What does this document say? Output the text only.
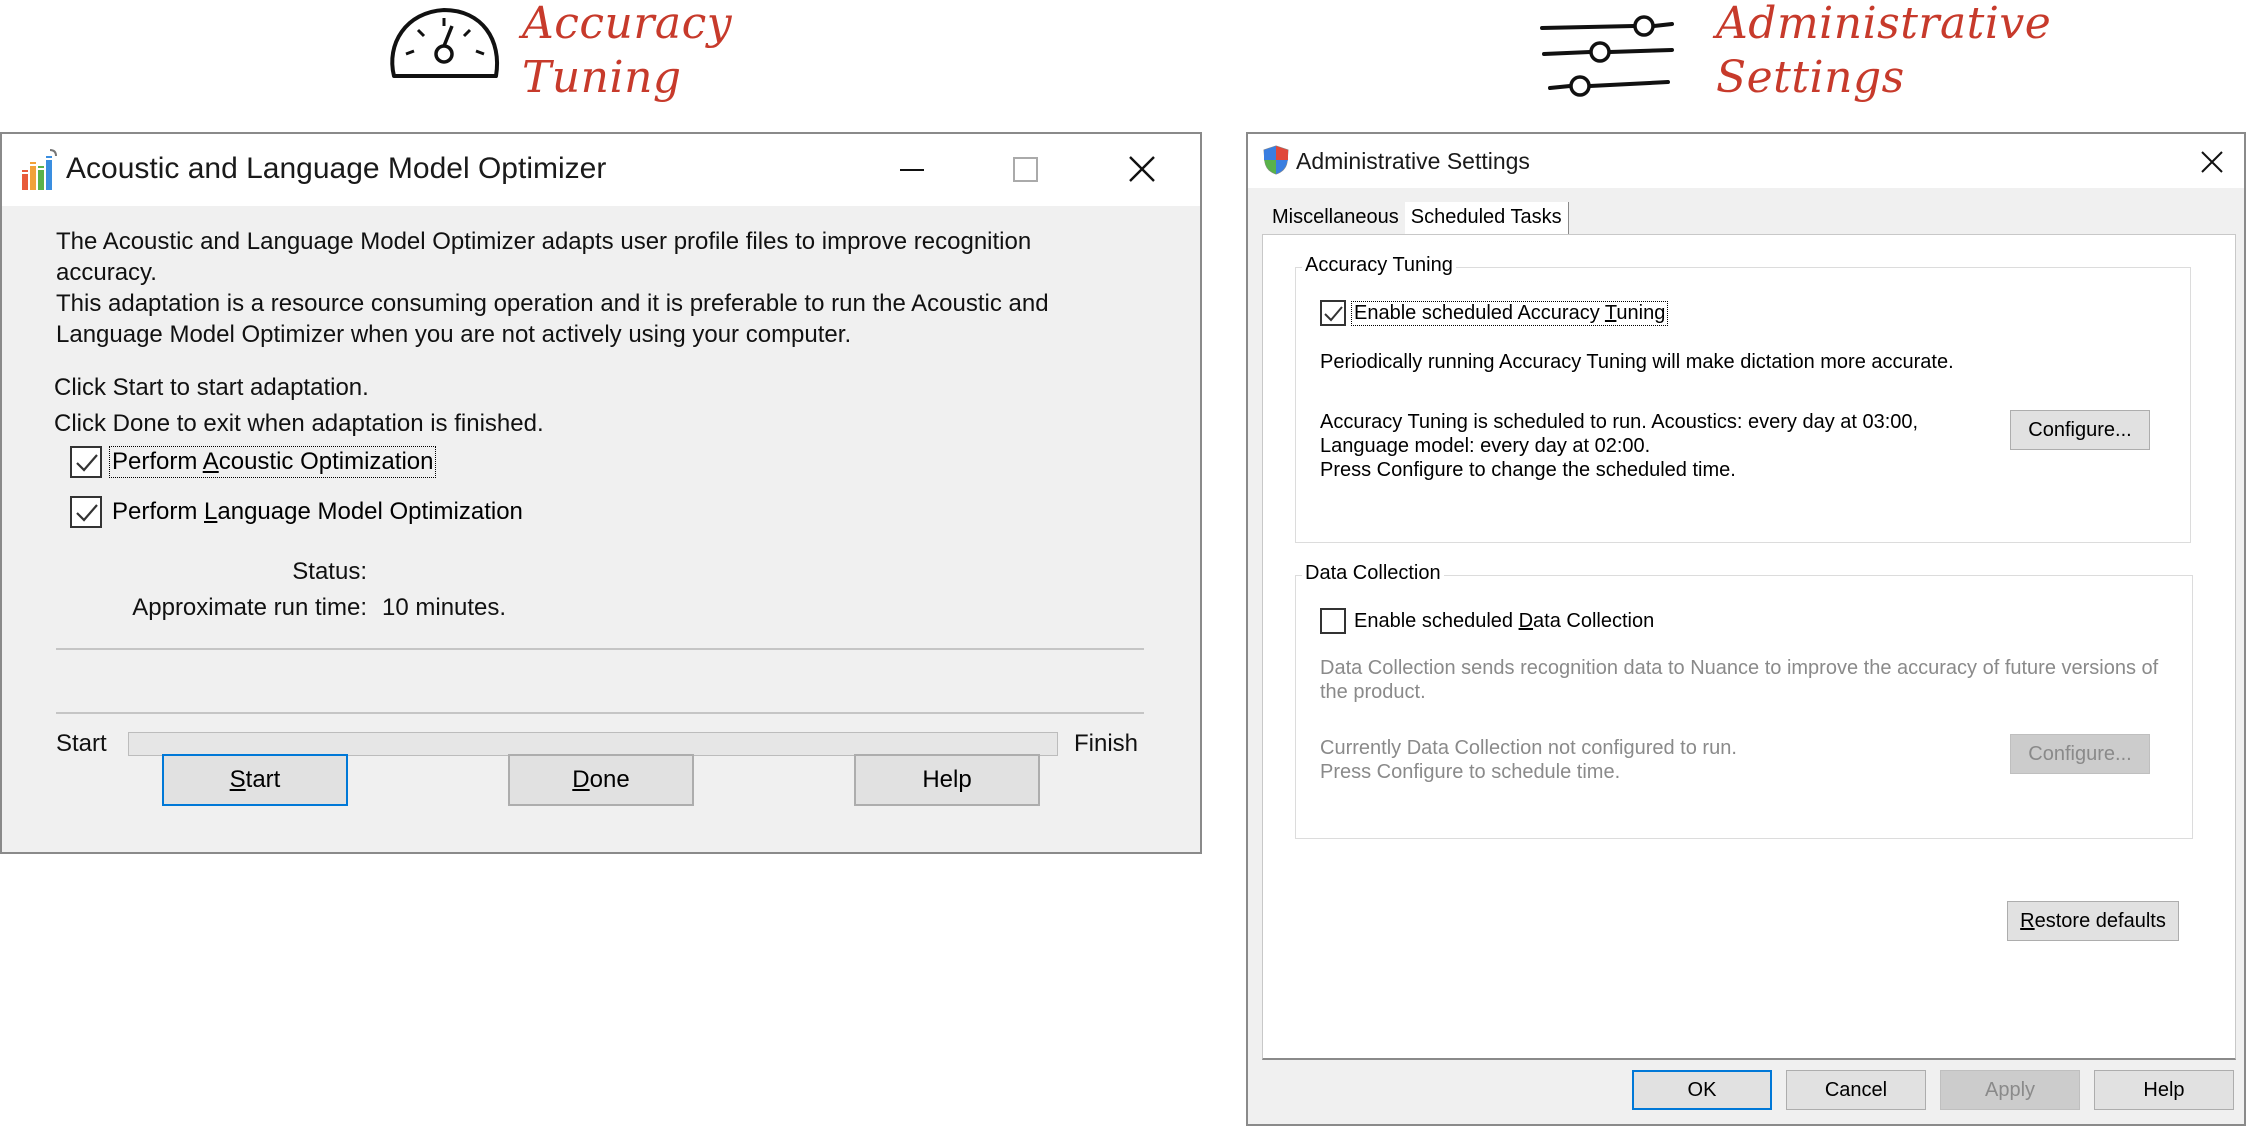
Accuracy
Tuning
Administrative
Settings
Acoustic and Language Model Optimizer
The Acoustic and Language Model Optimizer adapts user profile files to improve recognition
accuracy.
This adaptation is a resource consuming operation and it is preferable to run the Acoustic and
Language Model Optimizer when you are not actively using your computer.
Click Start to start adaptation.
Click Done to exit when adaptation is finished.
Perform Acoustic Optimization
Perform Language Model Optimization
Status:
Approximate run time: 10 minutes.
Start	Finish
S tart	D one	Help
Administrative Settings
Miscellaneous Scheduled Tasks
Accuracy Tuning
Enable scheduled Accuracy Tuning
Periodically running Accuracy Tuning will make dictation more accurate.
Accuracy Tuning is scheduled to run. Acoustics: every day at 03:00,
Language model: every day at 02:00.
Press Configure to change the scheduled time.
Configure...
Data Collection
Enable scheduled Data Collection
Data Collection sends recognition data to Nuance to improve the accuracy of future versions of
the product.
Currently Data Collection not configured to run.
Press Configure to schedule time.
Configure...
R estore defaults
OK	Cancel	Apply	Help
